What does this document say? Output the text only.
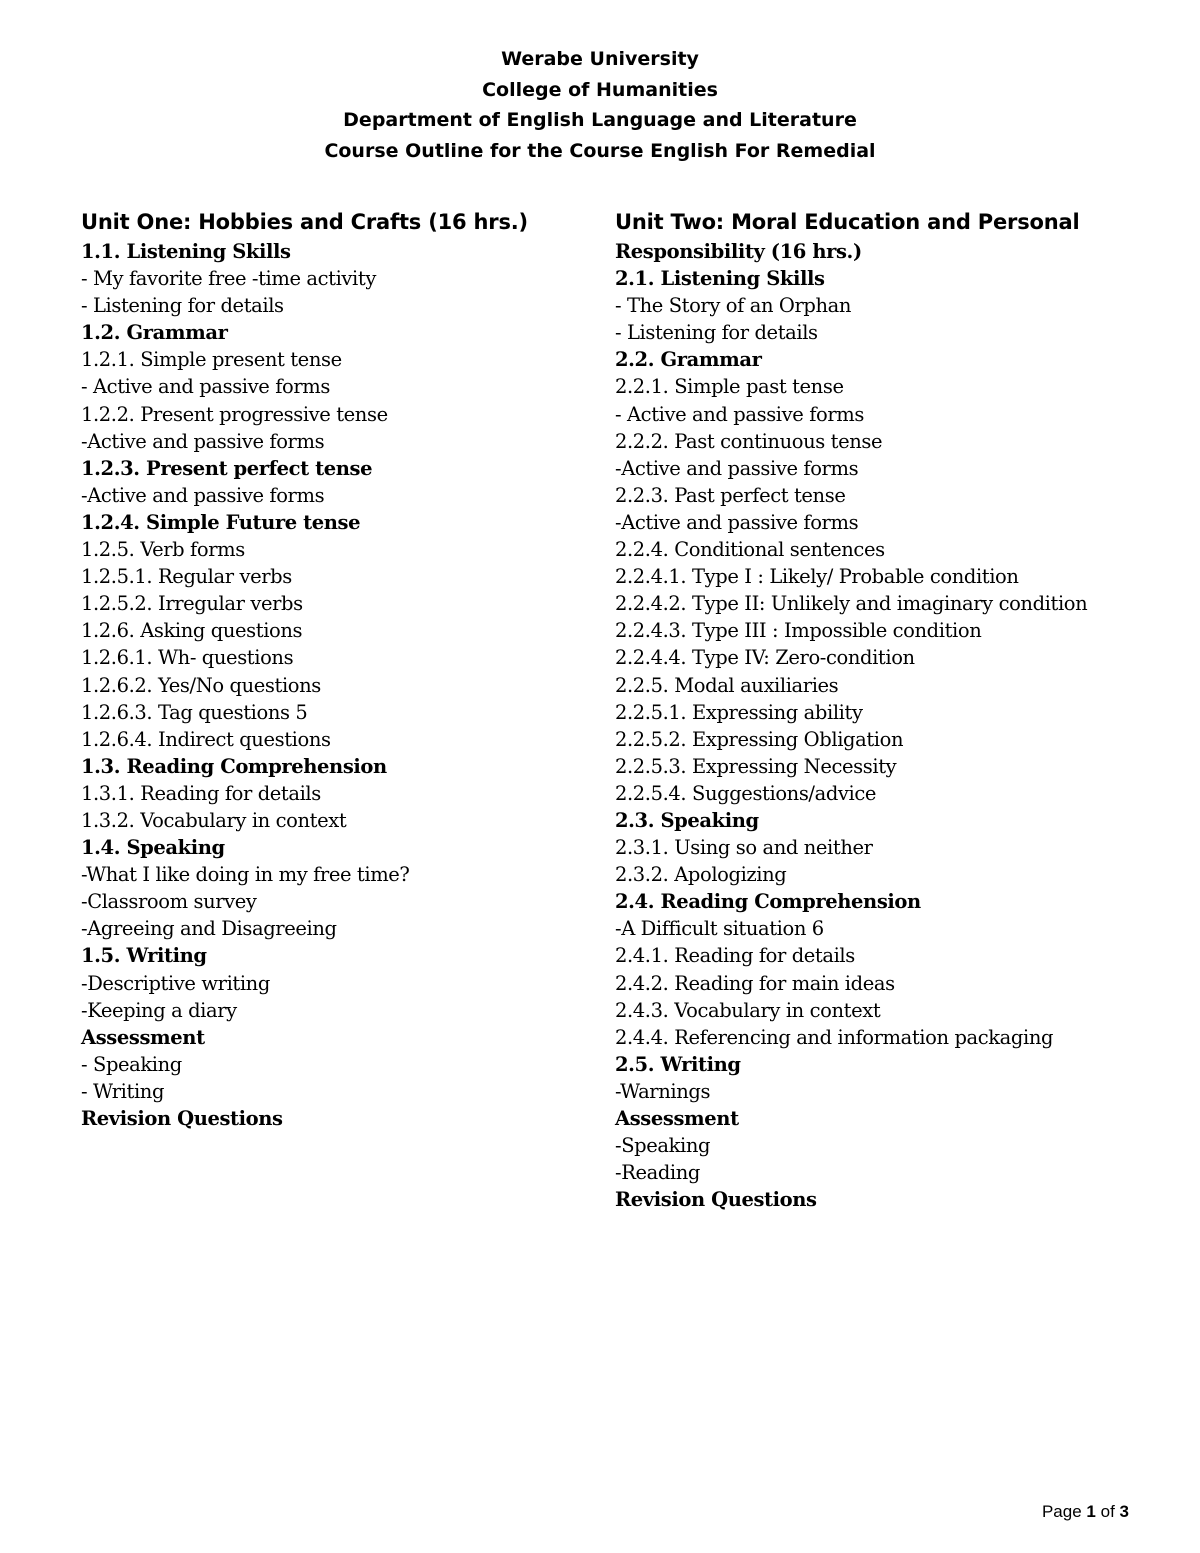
Werabe University
College of Humanities
Department of English Language and Literature
Course Outline for the Course English For Remedial
Unit One: Hobbies and Crafts (16 hrs.)
1.1. Listening Skills
- My favorite free -time activity
- Listening for details
1.2. Grammar
1.2.1. Simple present tense
- Active and passive forms
1.2.2. Present progressive tense
-Active and passive forms
1.2.3. Present perfect tense
-Active and passive forms
1.2.4. Simple Future tense
1.2.5. Verb forms
1.2.5.1. Regular verbs
1.2.5.2. Irregular verbs
1.2.6. Asking questions
1.2.6.1. Wh- questions
1.2.6.2. Yes/No questions
1.2.6.3. Tag questions 5
1.2.6.4. Indirect questions
1.3. Reading Comprehension
1.3.1. Reading for details
1.3.2. Vocabulary in context
1.4. Speaking
-What I like doing in my free time?
-Classroom survey
-Agreeing and Disagreeing
1.5. Writing
-Descriptive writing
-Keeping a diary
Assessment
- Speaking
- Writing
Revision Questions
Unit Two: Moral Education and Personal
Responsibility (16 hrs.)
2.1. Listening Skills
- The Story of an Orphan
- Listening for details
2.2. Grammar
2.2.1. Simple past tense
- Active and passive forms
2.2.2. Past continuous tense
-Active and passive forms
2.2.3. Past perfect tense
-Active and passive forms
2.2.4. Conditional sentences
2.2.4.1. Type I : Likely/ Probable condition
2.2.4.2. Type II: Unlikely and imaginary condition
2.2.4.3. Type III : Impossible condition
2.2.4.4. Type IV: Zero-condition
2.2.5. Modal auxiliaries
2.2.5.1. Expressing ability
2.2.5.2. Expressing Obligation
2.2.5.3. Expressing Necessity
2.2.5.4. Suggestions/advice
2.3. Speaking
2.3.1. Using so and neither
2.3.2. Apologizing
2.4. Reading Comprehension
-A Difficult situation 6
2.4.1. Reading for details
2.4.2. Reading for main ideas
2.4.3. Vocabulary in context
2.4.4. Referencing and information packaging
2.5. Writing
-Warnings
Assessment
-Speaking
-Reading
Revision Questions
Page 1 of 3
